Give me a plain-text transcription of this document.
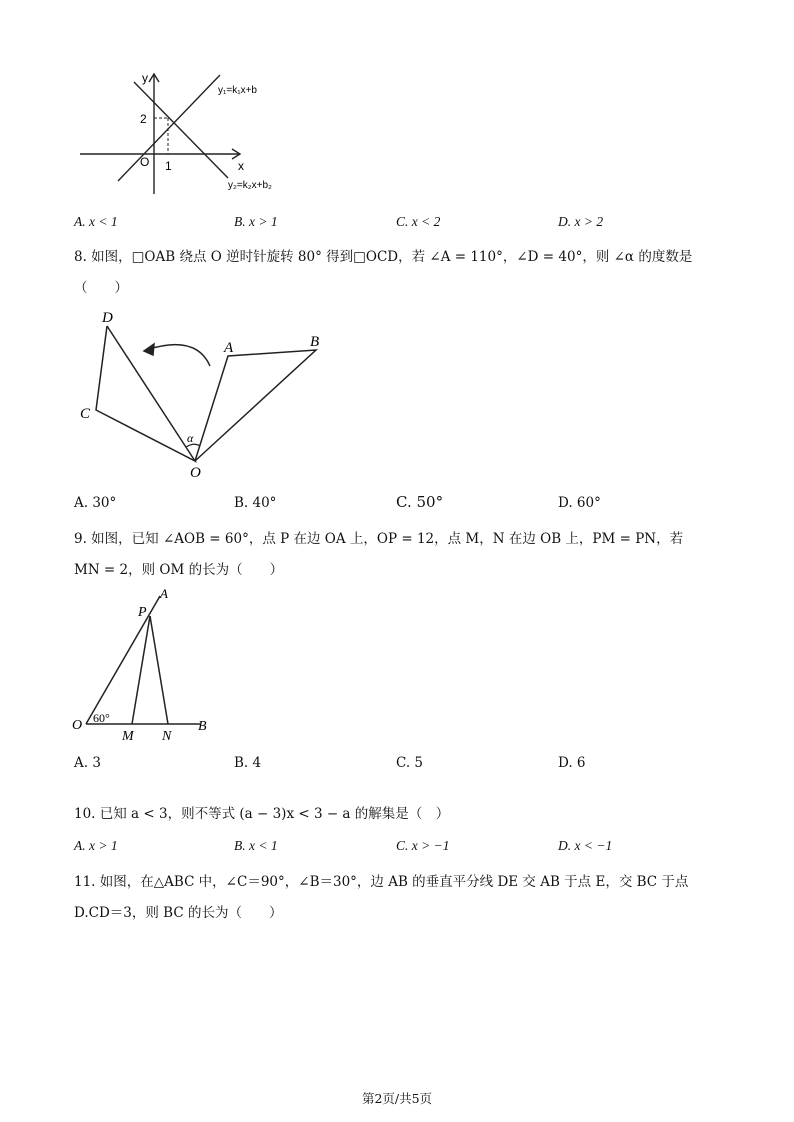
y
x
O
2
1
y₁=k₁x+b
y₂=k₂x+b₂
A. x < 1	B. x > 1	C. x < 2	D. x > 2
8. 如图，□OAB 绕点 O 逆时针旋转 80° 得到□OCD，若 ∠A = 110°，∠D = 40°，则 ∠α 的度数是
（　　）
D
A	B
C
O
α
A. 30°	B. 40°	C. 50°	D. 60°
9. 如图，已知 ∠AOB = 60°，点 P 在边 OA 上，OP = 12，点 M，N 在边 OB 上，PM = PN，若
MN = 2，则 OM 的长为（　　）
A
P
O 60°
M N
B
A. 3	B. 4	C. 5	D. 6
10. 已知 a < 3，则不等式 (a − 3)x < 3 − a 的解集是（　）
A. x > 1	B. x < 1	C. x > −1	D. x < −1
11. 如图，在△ABC 中，∠C＝90°，∠B＝30°，边 AB 的垂直平分线 DE 交 AB 于点 E，交 BC 于点
D.CD＝3，则 BC 的长为（　　）
第2页/共5页
